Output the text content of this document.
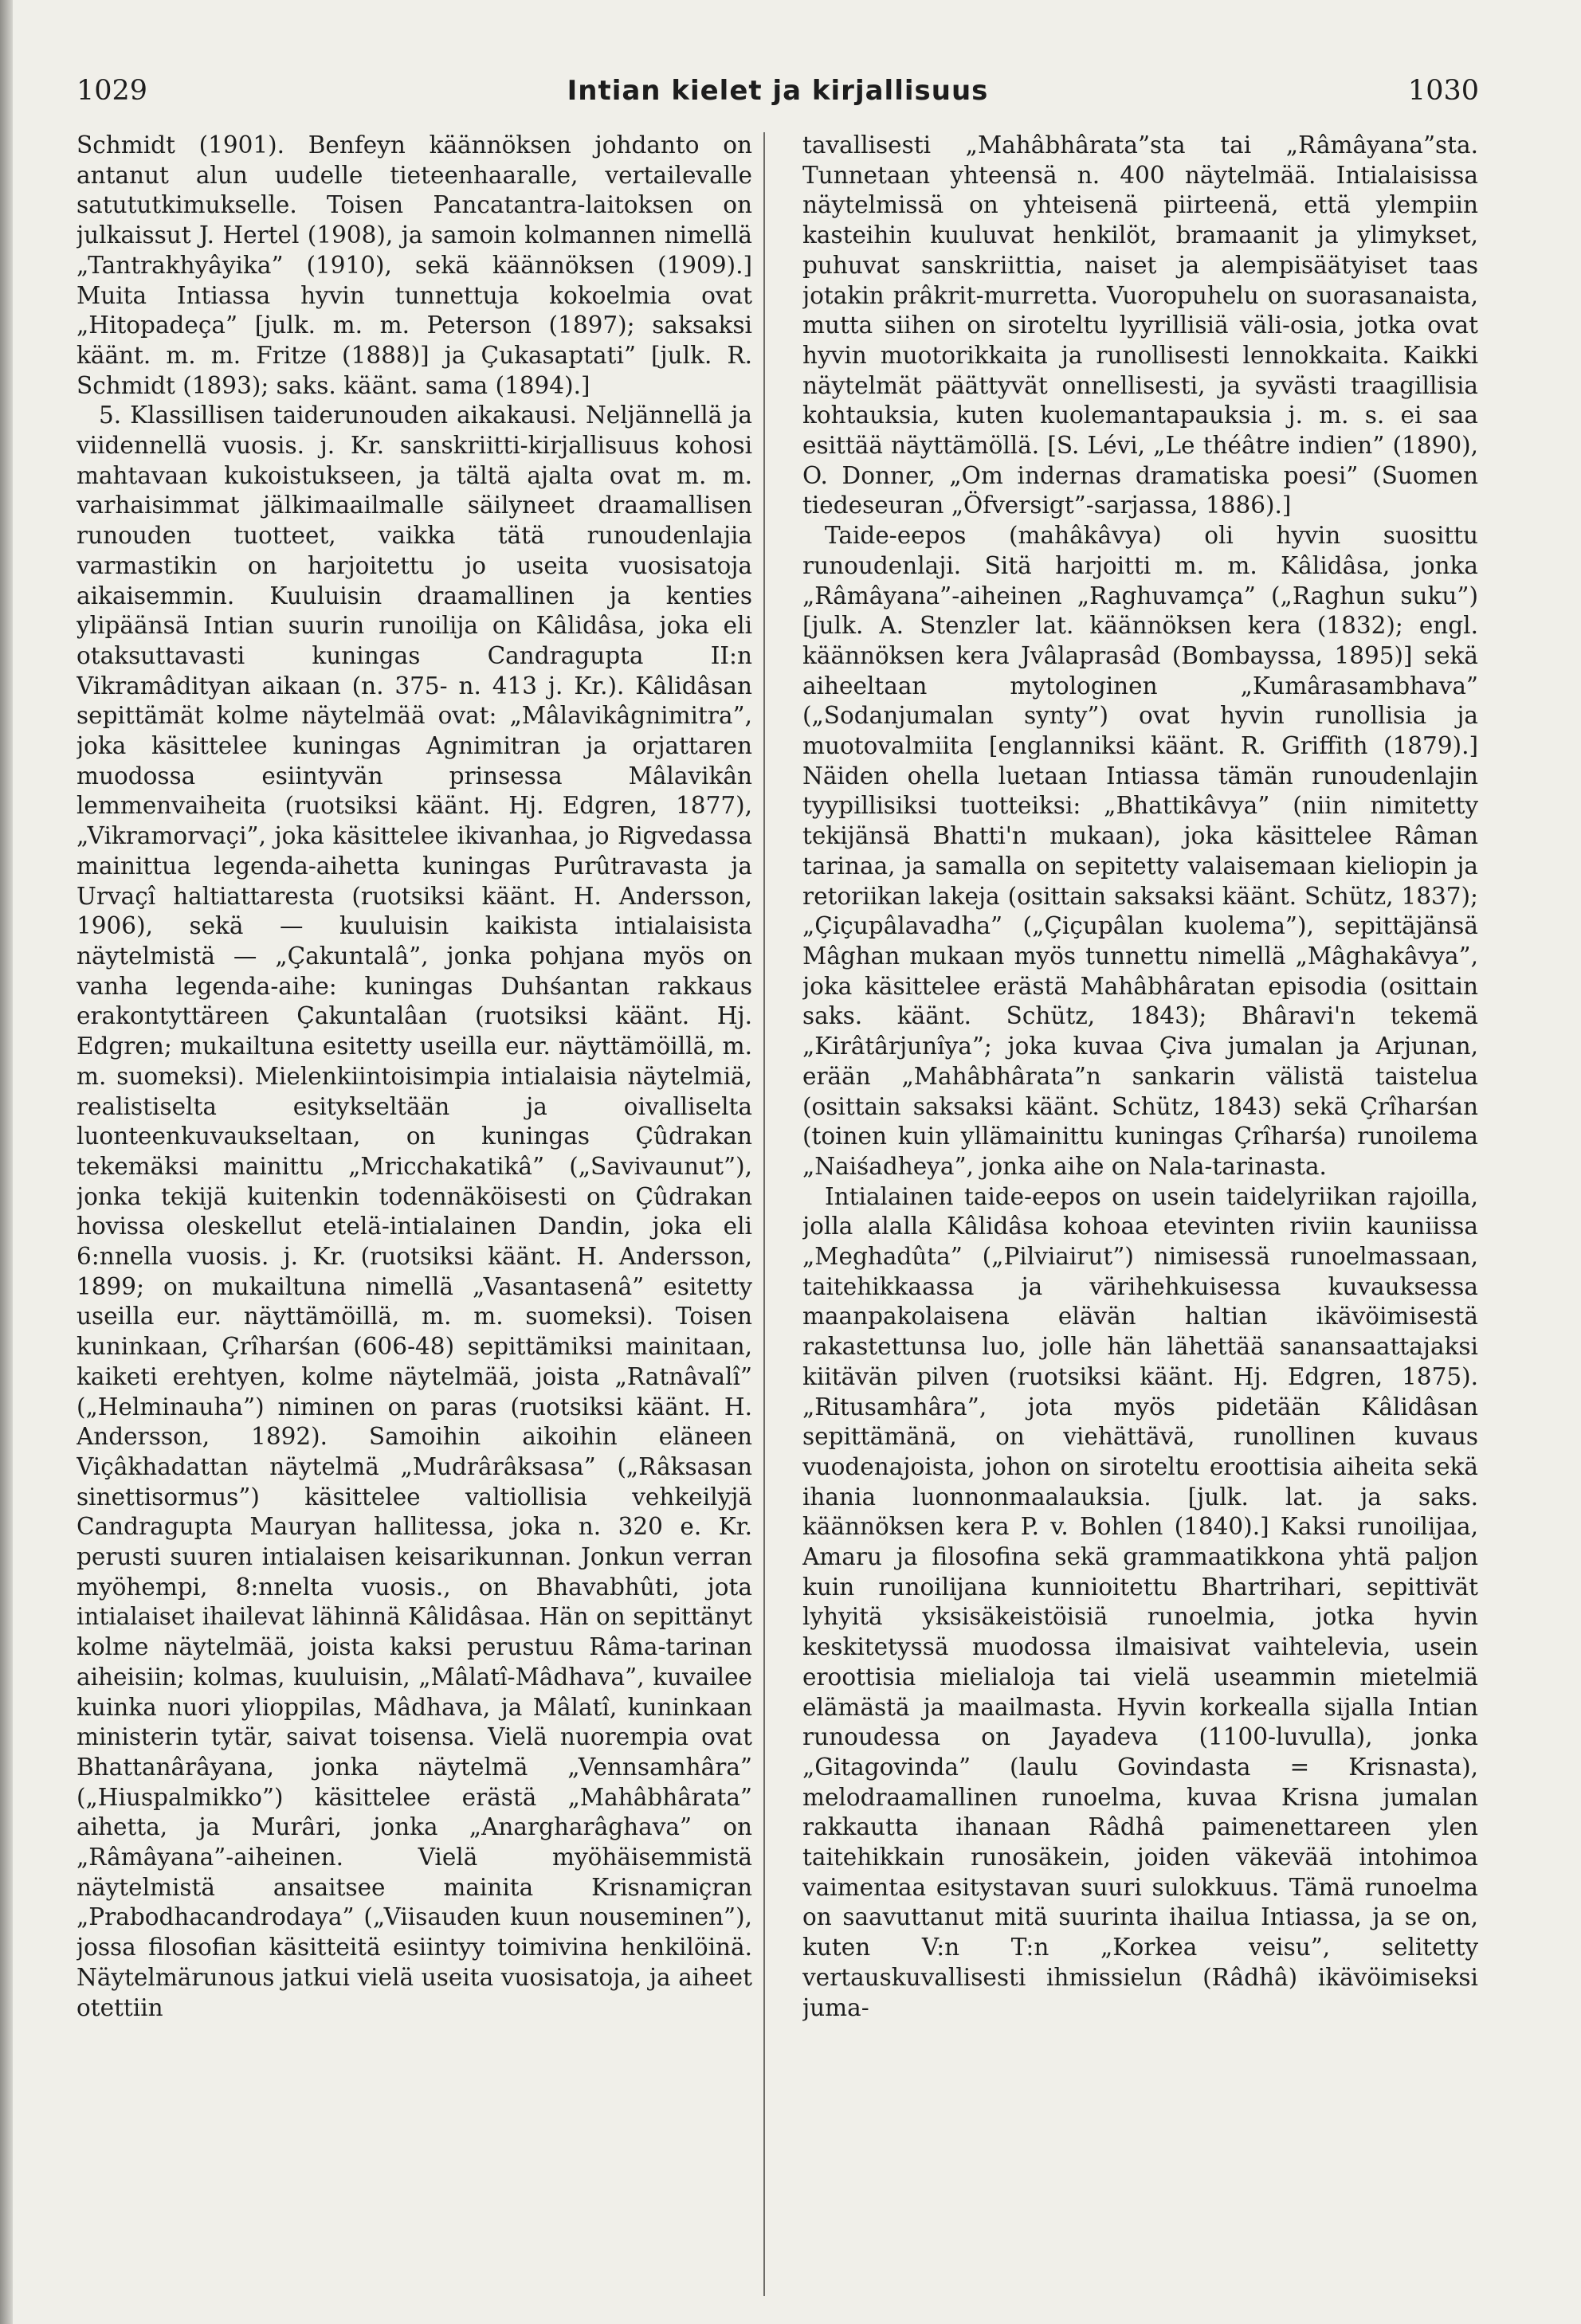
1029	Intian kielet ja kirjallisuus	1030

Schmidt (1901). Benfeyn käännöksen johdanto on antanut alun uudelle tieteenhaaralle, vertailevalle satututkimukselle. Toisen Pancatantra-laitoksen on julkaissut J. Hertel (1908), ja samoin kolmannen nimellä „Tantrakhyâyika” (1910), sekä käännöksen (1909).] Muita Intiassa hyvin tunnettuja kokoelmia ovat „Hitopadeça” [julk. m. m. Peterson (1897); saksaksi käänt. m. m. Fritze (1888)] ja Çukasaptati” [julk. R. Schmidt (1893); saks. käänt. sama (1894).]

5. Klassillisen taiderunouden aikakausi. Neljännellä ja viidennellä vuosis. j. Kr. sanskriitti-kirjallisuus kohosi mahtavaan kukoistukseen, ja tältä ajalta ovat m. m. varhaisimmat jälkimaailmalle säilyneet draamallisen runouden tuotteet, vaikka tätä runoudenlajia varmastikin on harjoitettu jo useita vuosisatoja aikaisemmin. Kuuluisin draamallinen ja kenties ylipäänsä Intian suurin runoilija on Kâlidâsa, joka eli otaksuttavasti kuningas Candragupta II:n Vikramâdityan aikaan (n. 375- n. 413 j. Kr.). Kâlidâsan sepittämät kolme näytelmää ovat: „Mâlavikâgnimitra”, joka käsittelee kuningas Agnimitran ja orjattaren muodossa esiintyvän prinsessa Mâlavikân lemmenvaiheita (ruotsiksi käänt. Hj. Edgren, 1877), „Vikramorvaçi”, joka käsittelee ikivanhaa, jo Rigvedassa mainittua legenda-aihetta kuningas Purûtravasta ja Urvaçî haltiattaresta (ruotsiksi käänt. H. Andersson, 1906), sekä — kuuluisin kaikista intialaisista näytelmistä — „Çakuntalâ”, jonka pohjana myös on vanha legenda-aihe: kuningas Duhśantan rakkaus erakontyttäreen Çakuntalâan (ruotsiksi käänt. Hj. Edgren; mukailtuna esitetty useilla eur. näyttämöillä, m. m. suomeksi). Mielenkiintoisimpia intialaisia näytelmiä, realistiselta esitykseltään ja oivalliselta luonteenkuvaukseltaan, on kuningas Çûdrakan tekemäksi mainittu „Mricchakatikâ” („Savivaunut”), jonka tekijä kuitenkin todennäköisesti on Çûdrakan hovissa oleskellut etelä-intialainen Dandin, joka eli 6:nnella vuosis. j. Kr. (ruotsiksi käänt. H. Andersson, 1899; on mukailtuna nimellä „Vasantasenâ” esitetty useilla eur. näyttämöillä, m. m. suomeksi). Toisen kuninkaan, Çrîharśan (606-48) sepittämiksi mainitaan, kaiketi erehtyen, kolme näytelmää, joista „Ratnâvalî” („Helminauha”) niminen on paras (ruotsiksi käänt. H. Andersson, 1892). Samoihin aikoihin eläneen Viçâkhadattan näytelmä „Mudrârâksasa” („Râksasan sinettisormus”) käsittelee valtiollisia vehkeilyjä Candragupta Mauryan hallitessa, joka n. 320 e. Kr. perusti suuren intialaisen keisarikunnan. Jonkun verran myöhempi, 8:nnelta vuosis., on Bhavabhûti, jota intialaiset ihailevat lähinnä Kâlidâsaa. Hän on sepittänyt kolme näytelmää, joista kaksi perustuu Râma-tarinan aiheisiin; kolmas, kuuluisin, „Mâlatî-Mâdhava”, kuvailee kuinka nuori ylioppilas, Mâdhava, ja Mâlatî, kuninkaan ministerin tytär, saivat toisensa. Vielä nuorempia ovat Bhattanârâyana, jonka näytelmä „Vennsamhâra” („Hiuspalmikko”) käsittelee erästä „Mahâbhârata” aihetta, ja Murâri, jonka „Anargharâghava” on „Râmâyana”-aiheinen. Vielä myöhäisemmistä näytelmistä ansaitsee mainita Krisnamiçran „Prabodhacandrodaya” („Viisauden kuun nouseminen”), jossa filosofian käsitteitä esiintyy toimivina henkilöinä. Näytelmärunous jatkui vielä useita vuosisatoja, ja aiheet otettiin

tavallisesti „Mahâbhârata”sta tai „Râmâyana”sta. Tunnetaan yhteensä n. 400 näytelmää. Intialaisissa näytelmissä on yhteisenä piirteenä, että ylempiin kasteihin kuuluvat henkilöt, bramaanit ja ylimykset, puhuvat sanskriittia, naiset ja alempisäätyiset taas jotakin prâkrit-murretta. Vuoropuhelu on suorasanaista, mutta siihen on siroteltu lyyrillisiä väli-osia, jotka ovat hyvin muotorikkaita ja runollisesti lennokkaita. Kaikki näytelmät päättyvät onnellisesti, ja syvästi traagillisia kohtauksia, kuten kuolemantapauksia j. m. s. ei saa esittää näyttämöllä. [S. Lévi, „Le théâtre indien” (1890), O. Donner, „Om indernas dramatiska poesi” (Suomen tiedeseuran „Öfversigt”-sarjassa, 1886).]

Taide-eepos (mahâkâvya) oli hyvin suosittu runoudenlaji. Sitä harjoitti m. m. Kâlidâsa, jonka „Râmâyana”-aiheinen „Raghuvamça” („Raghun suku”) [julk. A. Stenzler lat. käännöksen kera (1832); engl. käännöksen kera Jvâlaprasâd (Bombayssa, 1895)] sekä aiheeltaan mytologinen „Kumârasambhava” („Sodanjumalan synty”) ovat hyvin runollisia ja muotovalmiita [englanniksi käänt. R. Griffith (1879).] Näiden ohella luetaan Intiassa tämän runoudenlajin tyypillisiksi tuotteiksi: „Bhattikâvya” (niin nimitetty tekijänsä Bhatti'n mukaan), joka käsittelee Râman tarinaa, ja samalla on sepitetty valaisemaan kieliopin ja retoriikan lakeja (osittain saksaksi käänt. Schütz, 1837); „Çiçupâlavadha” („Çiçupâlan kuolema”), sepittäjänsä Mâghan mukaan myös tunnettu nimellä „Mâghakâvya”, joka käsittelee erästä Mahâbhâratan episodia (osittain saks. käänt. Schütz, 1843); Bhâravi'n tekemä „Kirâtârjunîya”; joka kuvaa Çiva jumalan ja Arjunan, erään „Mahâbhârata”n sankarin välistä taistelua (osittain saksaksi käänt. Schütz, 1843) sekä Çrîharśan (toinen kuin yllämainittu kuningas Çrîharśa) runoilema „Naiśadheya”, jonka aihe on Nala-tarinasta.

Intialainen taide-eepos on usein taidelyriikan rajoilla, jolla alalla Kâlidâsa kohoaa etevinten riviin kauniissa „Meghadûta” („Pilviairut”) nimisessä runoelmassaan, taitehikkaassa ja värihehkuisessa kuvauksessa maanpakolaisena elävän haltian ikävöimisestä rakastettunsa luo, jolle hän lähettää sanansaattajaksi kiitävän pilven (ruotsiksi käänt. Hj. Edgren, 1875). „Ritusamhâra”, jota myös pidetään Kâlidâsan sepittämänä, on viehättävä, runollinen kuvaus vuodenajoista, johon on siroteltu eroottisia aiheita sekä ihania luonnonmaalauksia. [julk. lat. ja saks. käännöksen kera P. v. Bohlen (1840).] Kaksi runoilijaa, Amaru ja filosofina sekä grammaatikkona yhtä paljon kuin runoilijana kunnioitettu Bhartrihari, sepittivät lyhyitä yksisäkeistöisiä runoelmia, jotka hyvin keskitetyssä muodossa ilmaisivat vaihtelevia, usein eroottisia mielialoja tai vielä useammin mietelmiä elämästä ja maailmasta. Hyvin korkealla sijalla Intian runoudessa on Jayadeva (1100-luvulla), jonka „Gitagovinda” (laulu Govindasta = Krisnasta), melodraamallinen runoelma, kuvaa Krisna jumalan rakkautta ihanaan Râdhâ paimenettareen ylen taitehikkain runosäkein, joiden väkevää intohimoa vaimentaa esitystavan suuri sulokkuus. Tämä runoelma on saavuttanut mitä suurinta ihailua Intiassa, ja se on, kuten V:n T:n „Korkea veisu”, selitetty vertauskuvallisesti ihmissielun (Râdhâ) ikävöimiseksi juma-
